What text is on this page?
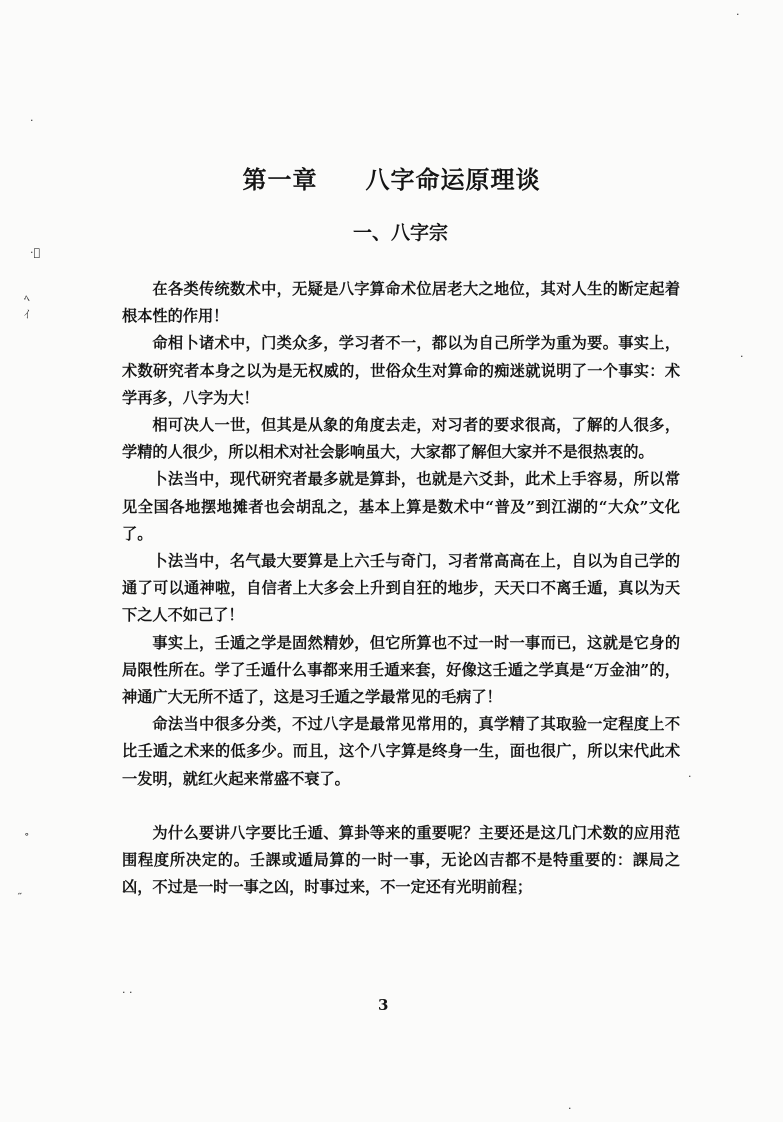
第一章 八字命运原理谈
一、八字宗

在各类传统数术中，无疑是八字算命术位居老大之地位，其对人生的断定起着根本性的作用！

命相卜诸术中，门类众多，学习者不一，都以为自己所学为重为要。事实上，术数研究者本身之以为是无权威的，世俗众生对算命的痴迷就说明了一个事实：术学再多，八字为大！

相可决人一世，但其是从象的角度去走，对习者的要求很高，了解的人很多，学精的人很少，所以相术对社会影响虽大，大家都了解但大家并不是很热衷的。

卜法当中，现代研究者最多就是算卦，也就是六爻卦，此术上手容易，所以常见全国各地摆地摊者也会胡乱之，基本上算是数术中“普及”到江湖的“大众”文化了。

卜法当中，名气最大要算是上六壬与奇门，习者常高高在上，自以为自己学的通了可以通神啦，自信者上大多会上升到自狂的地步，天天口不离壬遁，真以为天下之人不如己了！

事实上，壬遁之学是固然精妙，但它所算也不过一时一事而已，这就是它身的局限性所在。学了壬遁什么事都来用壬遁来套，好像这壬遁之学真是“万金油”的，神通广大无所不适了，这是习壬遁之学最常见的毛病了！

命法当中很多分类，不过八字是最常见常用的，真学精了其取验一定程度上不比壬遁之术来的低多少。而且，这个八字算是终身一生，面也很广，所以宋代此术一发明，就红火起来常盛不衰了。

为什么要讲八字要比壬遁、算卦等来的重要呢？主要还是这几门术数的应用范围程度所决定的。壬課或遁局算的一时一事，无论凶吉都不是特重要的：課局之凶，不过是一时一事之凶，时事过来，不一定还有光明前程；

3
·ﾞ
ﾍ
ｲ
˚
˶
·
·
·
· ·
·
·
